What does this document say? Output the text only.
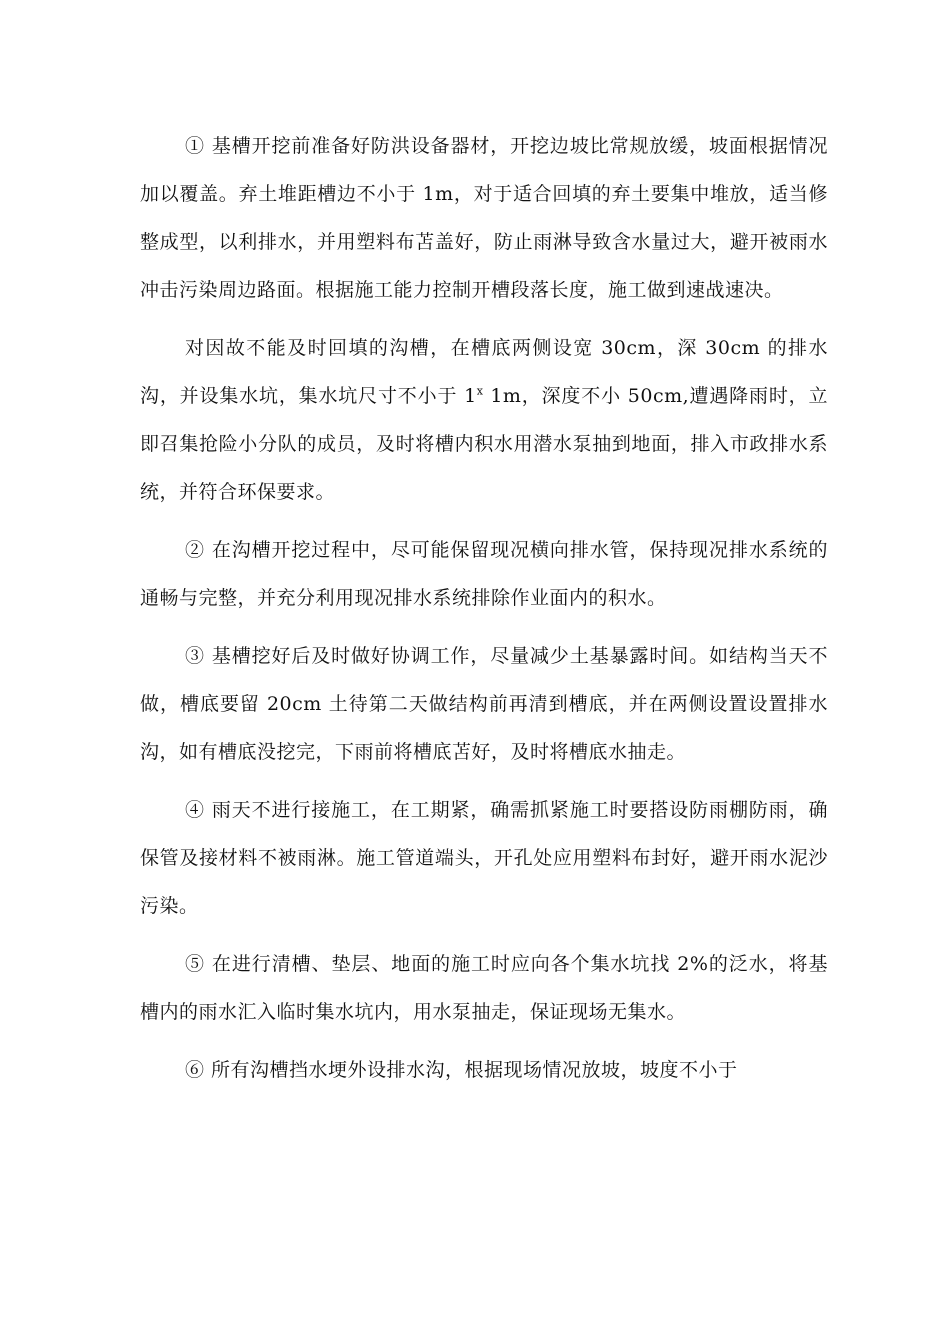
① 基槽开挖前准备好防洪设备器材，开挖边坡比常规放缓，坡面根据情况加以覆盖。弃土堆距槽边不小于 1m，对于适合回填的弃土要集中堆放，适当修整成型，以利排水，并用塑料布苫盖好，防止雨淋导致含水量过大，避开被雨水冲击污染周边路面。根据施工能力控制开槽段落长度，施工做到速战速决。

对因故不能及时回填的沟槽，在槽底两侧设宽 30cm，深 30cm 的排水沟，并设集水坑，集水坑尺寸不小于 1$^x$ 1m，深度不小 50cm,遭遇降雨时，立即召集抢险小分队的成员，及时将槽内积水用潜水泵抽到地面，排入市政排水系统，并符合环保要求。

② 在沟槽开挖过程中，尽可能保留现况横向排水管，保持现况排水系统的通畅与完整，并充分利用现况排水系统排除作业面内的积水。

③ 基槽挖好后及时做好协调工作，尽量减少土基暴露时间。如结构当天不做，槽底要留 20cm 土待第二天做结构前再清到槽底，并在两侧设置设置排水沟，如有槽底没挖完，下雨前将槽底苫好，及时将槽底水抽走。

④ 雨天不进行接施工，在工期紧，确需抓紧施工时要搭设防雨棚防雨，确保管及接材料不被雨淋。施工管道端头，开孔处应用塑料布封好，避开雨水泥沙污染。

⑤ 在进行清槽、垫层、地面的施工时应向各个集水坑找 2%的泛水，将基槽内的雨水汇入临时集水坑内，用水泵抽走，保证现场无集水。

⑥ 所有沟槽挡水埂外设排水沟，根据现场情况放坡，坡度不小于
